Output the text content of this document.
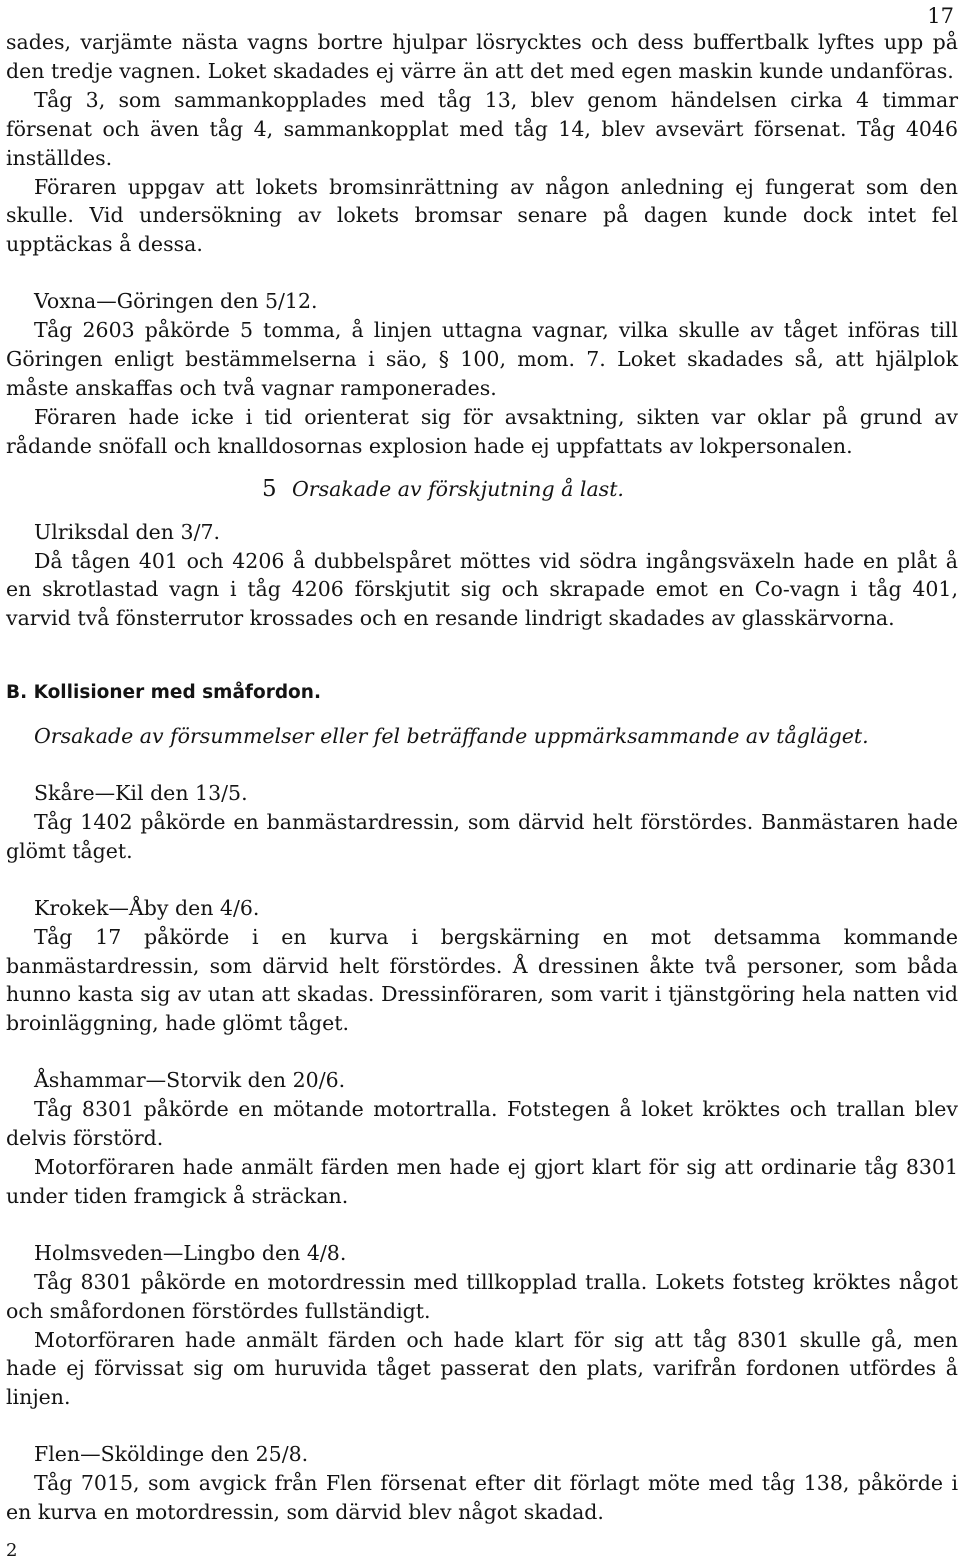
17

sades, varjämte nästa vagns bortre hjulpar lösrycktes och dess buffertbalk lyftes upp på den tredje vagnen. Loket skadades ej värre än att det med egen maskin kunde undanföras.

Tåg 3, som sammankopplades med tåg 13, blev genom händelsen cirka 4 timmar försenat och även tåg 4, sammankopplat med tåg 14, blev avsevärt försenat. Tåg 4046 inställdes.

Föraren uppgav att lokets bromsinrättning av någon anledning ej fungerat som den skulle. Vid undersökning av lokets bromsar senare på dagen kunde dock intet fel upptäckas å dessa.

Voxna—Göringen den 5/12.

Tåg 2603 påkörde 5 tomma, å linjen uttagna vagnar, vilka skulle av tåget införas till Göringen enligt bestämmelserna i säo, § 100, mom. 7. Loket skadades så, att hjälplok måste anskaffas och två vagnar ramponerades.

Föraren hade icke i tid orienterat sig för avsaktning, sikten var oklar på grund av rådande snöfall och knalldosornas explosion hade ej uppfattats av lokpersonalen.

5 Orsakade av förskjutning å last.

Ulriksdal den 3/7.

Då tågen 401 och 4206 å dubbelspåret möttes vid södra ingångsväxeln hade en plåt å en skrotlastad vagn i tåg 4206 förskjutit sig och skrapade emot en Co-vagn i tåg 401, varvid två fönsterrutor krossades och en resande lindrigt skadades av glasskärvorna.

B. Kollisioner med småfordon.

Orsakade av försummelser eller fel beträffande uppmärksammande av tågläget.

Skåre—Kil den 13/5.

Tåg 1402 påkörde en banmästardressin, som därvid helt förstördes. Banmästaren hade glömt tåget.

Krokek—Åby den 4/6.

Tåg 17 påkörde i en kurva i bergskärning en mot detsamma kommande banmästardressin, som därvid helt förstördes. Å dressinen åkte två personer, som båda hunno kasta sig av utan att skadas. Dressinföraren, som varit i tjänstgöring hela natten vid broinläggning, hade glömt tåget.

Åshammar—Storvik den 20/6.

Tåg 8301 påkörde en mötande motortralla. Fotstegen å loket kröktes och trallan blev delvis förstörd.

Motorföraren hade anmält färden men hade ej gjort klart för sig att ordinarie tåg 8301 under tiden framgick å sträckan.

Holmsveden—Lingbo den 4/8.

Tåg 8301 påkörde en motordressin med tillkopplad tralla. Lokets fotsteg kröktes något och småfordonen förstördes fullständigt.

Motorföraren hade anmält färden och hade klart för sig att tåg 8301 skulle gå, men hade ej förvissat sig om huruvida tåget passerat den plats, varifrån fordonen utfördes å linjen.

Flen—Sköldinge den 25/8.

Tåg 7015, som avgick från Flen försenat efter dit förlagt möte med tåg 138, påkörde i en kurva en motordressin, som därvid blev något skadad.

2
